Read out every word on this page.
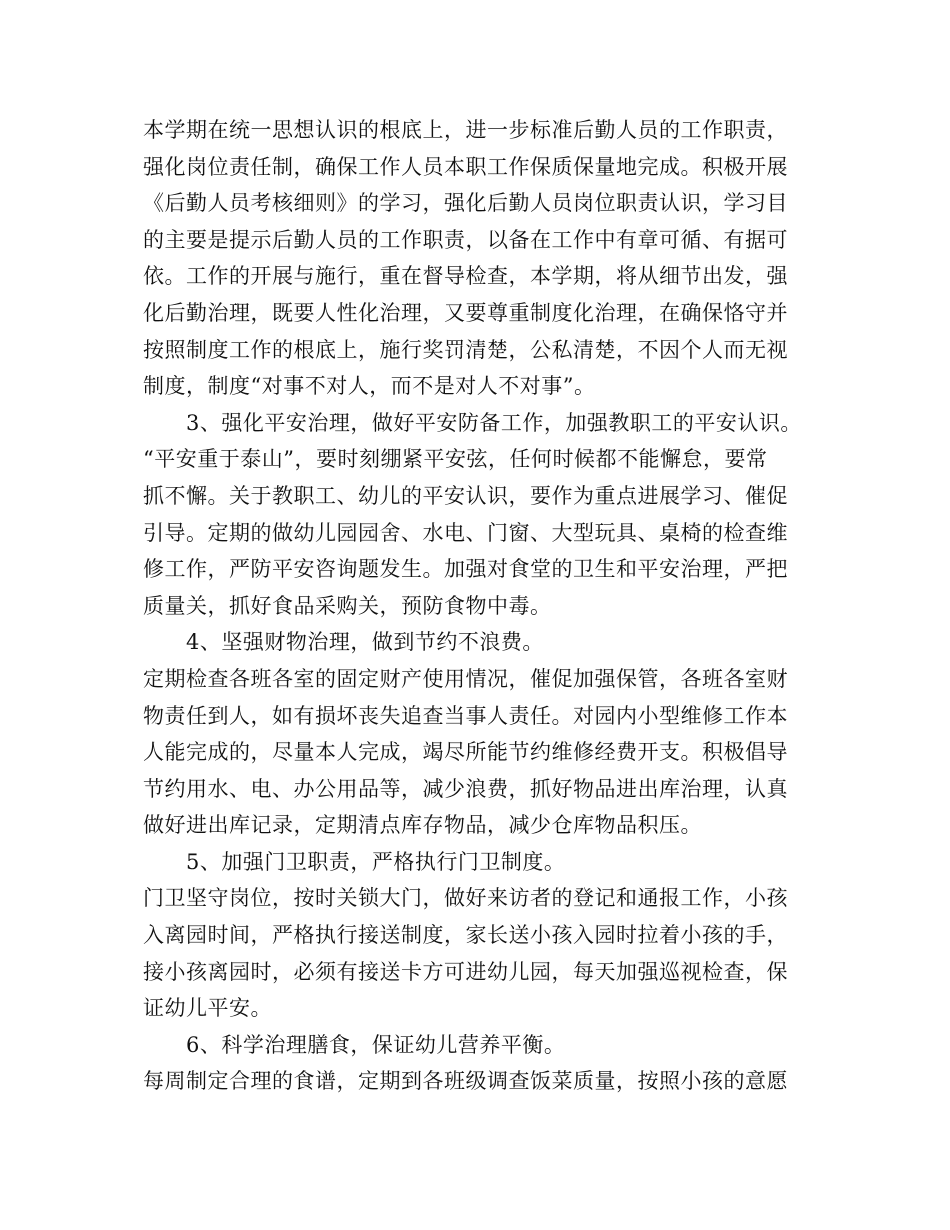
本学期在统一思想认识的根底上，进一步标准后勤人员的工作职责，
强化岗位责任制，确保工作人员本职工作保质保量地完成。积极开展
《后勤人员考核细则》的学习，强化后勤人员岗位职责认识，学习目
的主要是提示后勤人员的工作职责，以备在工作中有章可循、有据可
依。工作的开展与施行，重在督导检查，本学期，将从细节出发，强
化后勤治理，既要人性化治理，又要尊重制度化治理，在确保恪守并
按照制度工作的根底上，施行奖罚清楚，公私清楚，不因个人而无视
制度，制度“对事不对人，而不是对人不对事”。
3、强化平安治理，做好平安防备工作，加强教职工的平安认识。
“平安重于泰山”，要时刻绷紧平安弦，任何时候都不能懈怠，要常
抓不懈。关于教职工、幼儿的平安认识，要作为重点进展学习、催促
引导。定期的做幼儿园园舍、水电、门窗、大型玩具、桌椅的检查维
修工作，严防平安咨询题发生。加强对食堂的卫生和平安治理，严把
质量关，抓好食品采购关，预防食物中毒。
4、坚强财物治理，做到节约不浪费。
定期检查各班各室的固定财产使用情况，催促加强保管，各班各室财
物责任到人，如有损坏丧失追查当事人责任。对园内小型维修工作本
人能完成的，尽量本人完成，竭尽所能节约维修经费开支。积极倡导
节约用水、电、办公用品等，减少浪费，抓好物品进出库治理，认真
做好进出库记录，定期清点库存物品，减少仓库物品积压。
5、加强门卫职责，严格执行门卫制度。
门卫坚守岗位，按时关锁大门，做好来访者的登记和通报工作，小孩
入离园时间，严格执行接送制度，家长送小孩入园时拉着小孩的手，
接小孩离园时，必须有接送卡方可进幼儿园，每天加强巡视检查，保
证幼儿平安。
6、科学治理膳食，保证幼儿营养平衡。
每周制定合理的食谱，定期到各班级调查饭菜质量，按照小孩的意愿
